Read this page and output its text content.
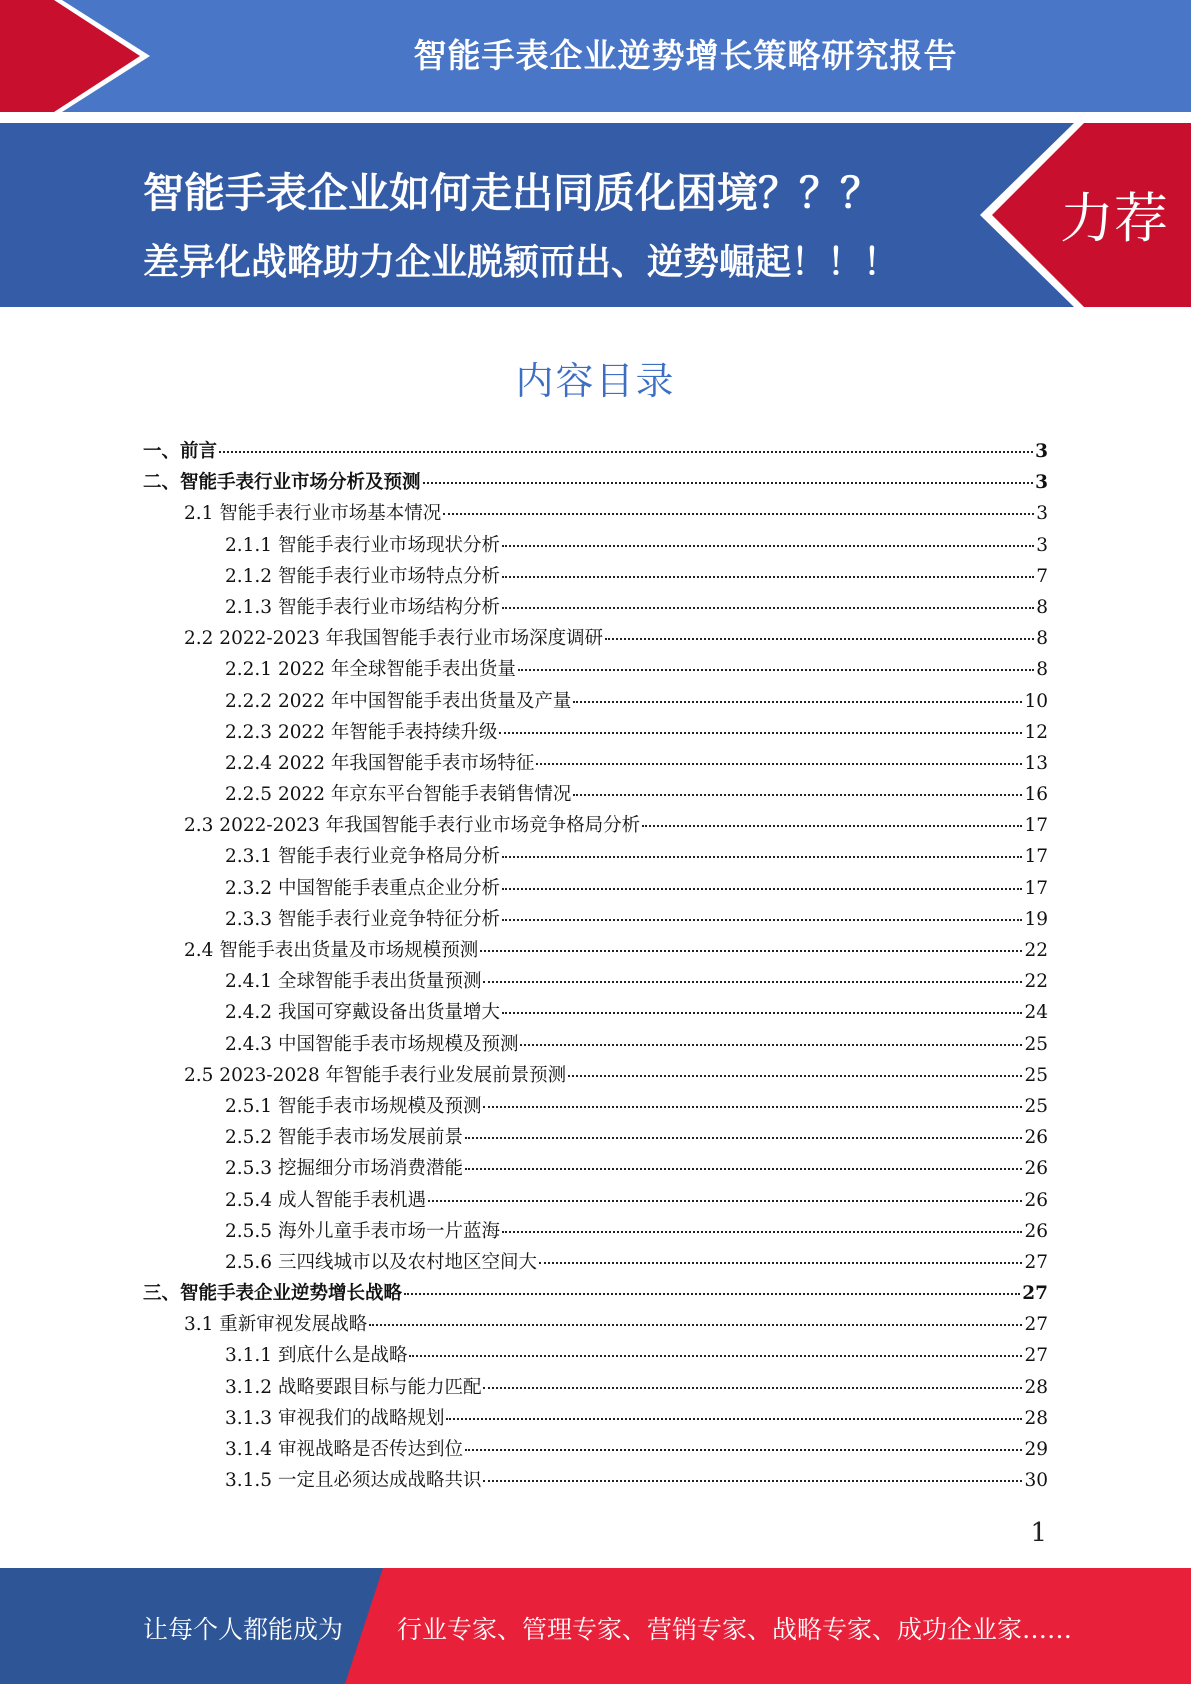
智能手表企业逆势增长策略研究报告
力荐
智能手表企业如何走出同质化困境？？？
差异化战略助力企业脱颖而出、逆势崛起！！！
内容目录
一、前言	3
二、智能手表行业市场分析及预测	3
2.1 智能手表行业市场基本情况	3
2.1.1 智能手表行业市场现状分析	3
2.1.2 智能手表行业市场特点分析	7
2.1.3 智能手表行业市场结构分析	8
2.2 2022-2023 年我国智能手表行业市场深度调研	8
2.2.1 2022 年全球智能手表出货量	8
2.2.2 2022 年中国智能手表出货量及产量	10
2.2.3 2022 年智能手表持续升级	12
2.2.4 2022 年我国智能手表市场特征	13
2.2.5 2022 年京东平台智能手表销售情况	16
2.3 2022-2023 年我国智能手表行业市场竞争格局分析	17
2.3.1 智能手表行业竞争格局分析	17
2.3.2 中国智能手表重点企业分析	17
2.3.3 智能手表行业竞争特征分析	19
2.4 智能手表出货量及市场规模预测	22
2.4.1 全球智能手表出货量预测	22
2.4.2 我国可穿戴设备出货量增大	24
2.4.3 中国智能手表市场规模及预测	25
2.5 2023-2028 年智能手表行业发展前景预测	25
2.5.1 智能手表市场规模及预测	25
2.5.2 智能手表市场发展前景	26
2.5.3 挖掘细分市场消费潜能	26
2.5.4 成人智能手表机遇	26
2.5.5 海外儿童手表市场一片蓝海	26
2.5.6 三四线城市以及农村地区空间大	27
三、智能手表企业逆势增长战略	27
3.1 重新审视发展战略	27
3.1.1 到底什么是战略	27
3.1.2 战略要跟目标与能力匹配	28
3.1.3 审视我们的战略规划	28
3.1.4 审视战略是否传达到位	29
3.1.5 一定且必须达成战略共识	30
1
让每个人都能成为 行业专家、管理专家、营销专家、战略专家、成功企业家……
